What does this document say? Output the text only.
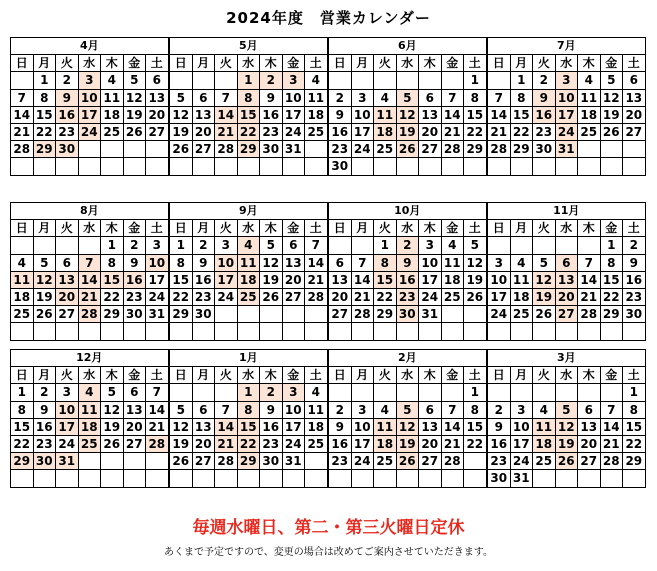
2024年度　営業カレンダー
4月						
日	月	火	水	木	金	土
	1	2	3	4	5	6
7	8	9	10	11	12	13
14	15	16	17	18	19	20
21	22	23	24	25	26	27
28	29	30				

5月						
日	月	火	水	木	金	土
			1	2	3	4
5	6	7	8	9	10	11
12	13	14	15	16	17	18
19	20	21	22	23	24	25
26	27	28	29	30	31	

6月						
日	月	火	水	木	金	土
						1
2	3	4	5	6	7	8
9	10	11	12	13	14	15
16	17	18	19	20	21	22
23	24	25	26	27	28	29
30						
7月						
日	月	火	水	木	金	土
	1	2	3	4	5	6
7	8	9	10	11	12	13
14	15	16	17	18	19	20
21	22	23	24	25	26	27
28	29	30	31			

8月						
日	月	火	水	木	金	土
				1	2	3
4	5	6	7	8	9	10
11	12	13	14	15	16	17
18	19	20	21	22	23	24
25	26	27	28	29	30	31

9月						
日	月	火	水	木	金	土
1	2	3	4	5	6	7
8	9	10	11	12	13	14
15	16	17	18	19	20	21
22	23	24	25	26	27	28
29	30					

10月						
日	月	火	水	木	金	土
		1	2	3	4	5
6	7	8	9	10	11	12
13	14	15	16	17	18	19
20	21	22	23	24	25	26
27	28	29	30	31		

11月						
日	月	火	水	木	金	土
					1	2
3	4	5	6	7	8	9
10	11	12	13	14	15	16
17	18	19	20	21	22	23
24	25	26	27	28	29	30

12月						
日	月	火	水	木	金	土
1	2	3	4	5	6	7
8	9	10	11	12	13	14
15	16	17	18	19	20	21
22	23	24	25	26	27	28
29	30	31				

1月						
日	月	火	水	木	金	土
			1	2	3	4
5	6	7	8	9	10	11
12	13	14	15	16	17	18
19	20	21	22	23	24	25
26	27	28	29	30	31	

2月						
日	月	火	水	木	金	土
						1
2	3	4	5	6	7	8
9	10	11	12	13	14	15
16	17	18	19	20	21	22
23	24	25	26	27	28	

3月						
日	月	火	水	木	金	土
						1
2	3	4	5	6	7	8
9	10	11	12	13	14	15
16	17	18	19	20	21	22
23	24	25	26	27	28	29
30	31					
毎週水曜日、第二・第三火曜日定休
あくまで予定ですので、変更の場合は改めてご案内させていただきます。
